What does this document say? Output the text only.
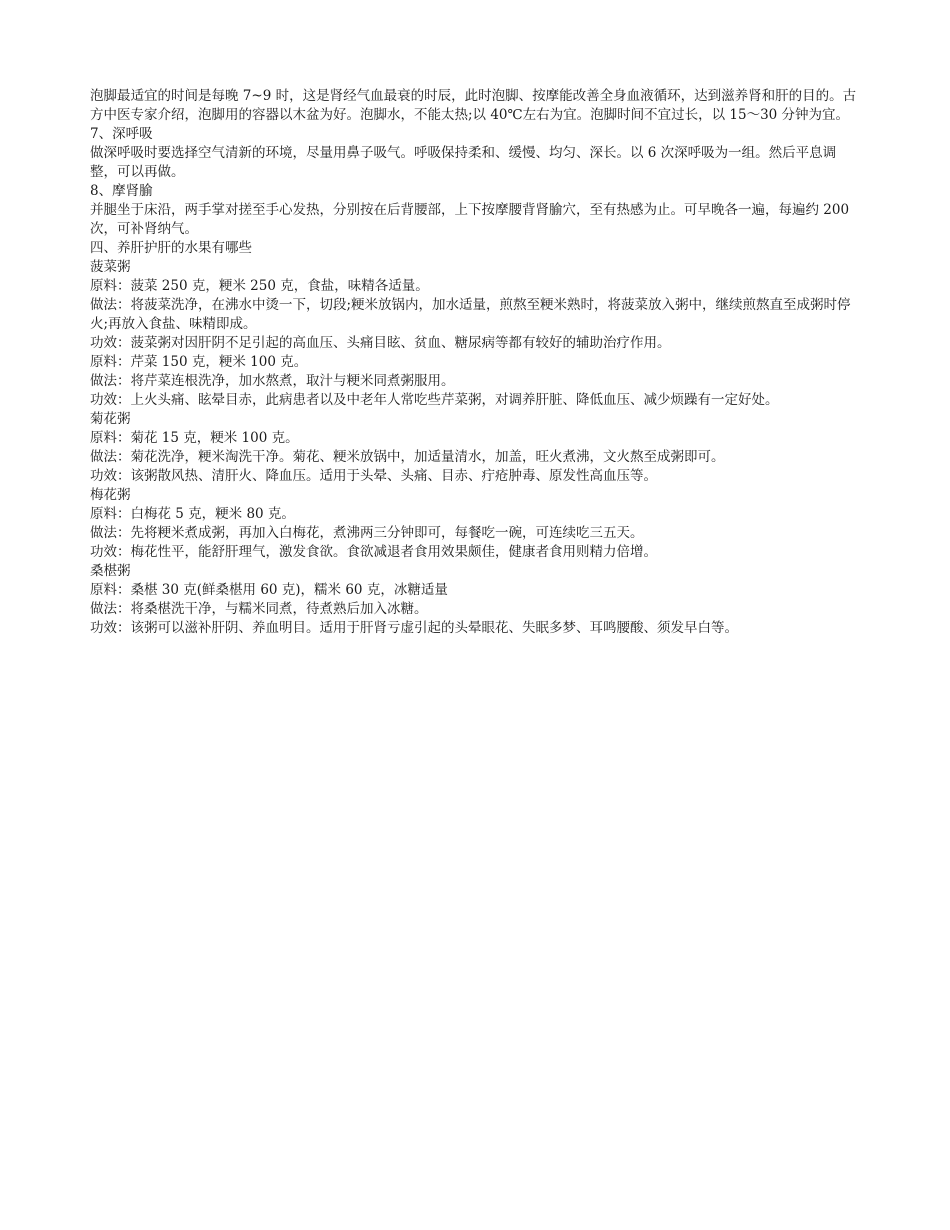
泡脚最适宜的时间是每晚 7~9 时，这是肾经气血最衰的时辰，此时泡脚、按摩能改善全身血液循环，达到滋养肾和肝的目的。古方中医专家介绍，泡脚用的容器以木盆为好。泡脚水，不能太热;以 40℃左右为宜。泡脚时间不宜过长，以 15～30 分钟为宜。

7、深呼吸

做深呼吸时要选择空气清新的环境，尽量用鼻子吸气。呼吸保持柔和、缓慢、均匀、深长。以 6 次深呼吸为一组。然后平息调整，可以再做。

8、摩肾腧

并腿坐于床沿，两手掌对搓至手心发热，分别按在后背腰部，上下按摩腰背肾腧穴，至有热感为止。可早晚各一遍，每遍约 200 次，可补肾纳气。

四、养肝护肝的水果有哪些

菠菜粥

原料：菠菜 250 克，粳米 250 克，食盐，味精各适量。

做法：将菠菜洗净，在沸水中烫一下，切段;粳米放锅内，加水适量，煎熬至粳米熟时，将菠菜放入粥中，继续煎熬直至成粥时停火;再放入食盐、味精即成。

功效：菠菜粥对因肝阴不足引起的高血压、头痛目眩、贫血、糖尿病等都有较好的辅助治疗作用。

原料：芹菜 150 克，粳米 100 克。

做法：将芹菜连根洗净，加水熬煮，取汁与粳米同煮粥服用。

功效：上火头痛、眩晕目赤，此病患者以及中老年人常吃些芹菜粥，对调养肝脏、降低血压、减少烦躁有一定好处。

菊花粥

原料：菊花 15 克，粳米 100 克。

做法：菊花洗净，粳米淘洗干净。菊花、粳米放锅中，加适量清水，加盖，旺火煮沸，文火熬至成粥即可。

功效：该粥散风热、清肝火、降血压。适用于头晕、头痛、目赤、疔疮肿毒、原发性高血压等。

梅花粥

原料：白梅花 5 克，粳米 80 克。

做法：先将粳米煮成粥，再加入白梅花，煮沸两三分钟即可，每餐吃一碗，可连续吃三五天。

功效：梅花性平，能舒肝理气，激发食欲。食欲减退者食用效果颇佳，健康者食用则精力倍增。

桑椹粥

原料：桑椹 30 克(鲜桑椹用 60 克)，糯米 60 克，冰糖适量

做法：将桑椹洗干净，与糯米同煮，待煮熟后加入冰糖。

功效：该粥可以滋补肝阴、养血明目。适用于肝肾亏虚引起的头晕眼花、失眠多梦、耳鸣腰酸、须发早白等。
